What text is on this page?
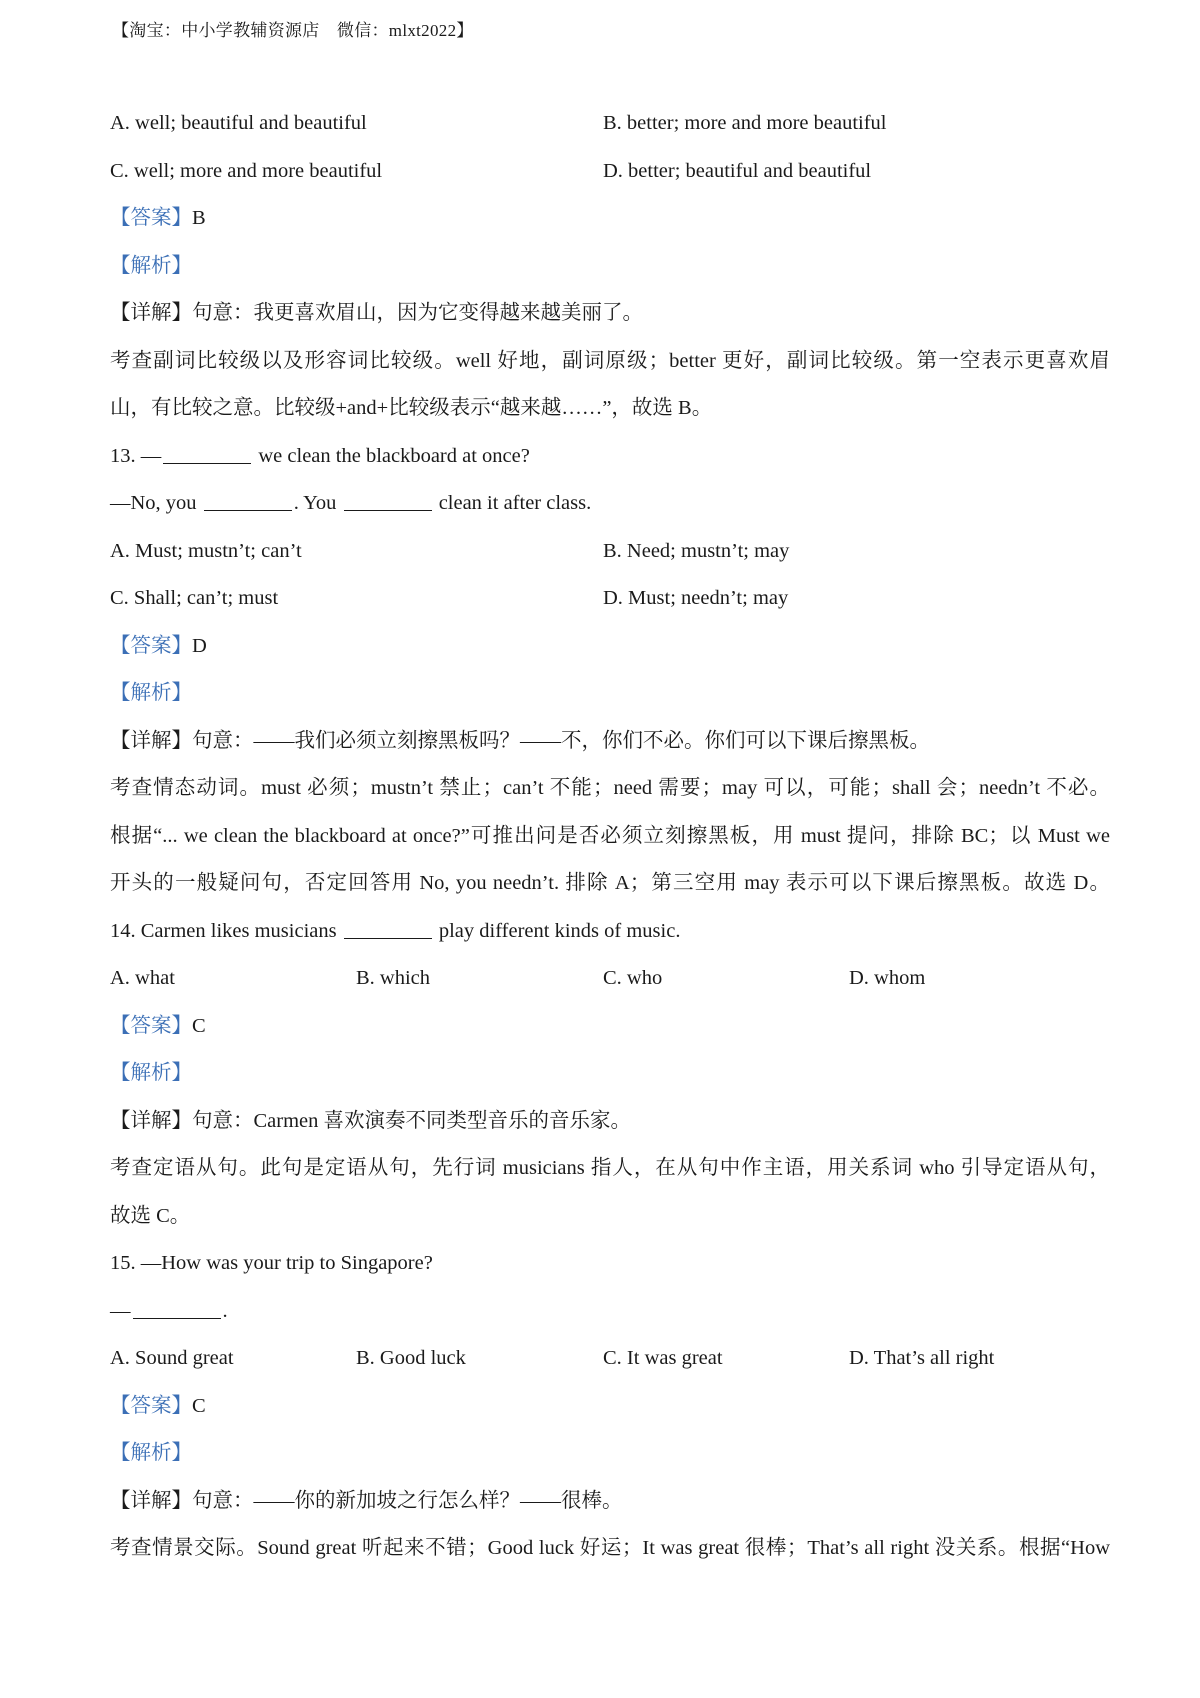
【淘宝：中小学教辅资源店　微信：mlxt2022】
A. well; beautiful and beautiful	B. better; more and more beautiful
C. well; more and more beautiful	D. better; beautiful and beautiful
【答案】B
【解析】
【详解】句意：我更喜欢眉山，因为它变得越来越美丽了。
考查副词比较级以及形容词比较级。well 好地，副词原级；better 更好，副词比较级。第一空表示更喜欢眉
山，有比较之意。比较级+and+比较级表示“越来越……”，故选 B。
13. —	we clean the blackboard at once?
—No, you	. You	clean it after class.
A. Must; mustn’t; can’t	B. Need; mustn’t; may
C. Shall; can’t; must	D. Must; needn’t; may
【答案】D
【解析】
【详解】句意：——我们必须立刻擦黑板吗？——不，你们不必。你们可以下课后擦黑板。
考查情态动词。must 必须；mustn’t 禁止；can’t 不能；need 需要；may 可以，可能；shall 会；needn’t 不必。
根据“... we clean the blackboard at once?”可推出问是否必须立刻擦黑板，用 must 提问，排除 BC；以 Must we
开头的一般疑问句，否定回答用 No, you needn’t. 排除 A；第三空用 may 表示可以下课后擦黑板。故选 D。
14. Carmen likes musicians	play different kinds of music.
A. what	B. which	C. who	D. whom
【答案】C
【解析】
【详解】句意：Carmen 喜欢演奏不同类型音乐的音乐家。
考查定语从句。此句是定语从句，先行词 musicians 指人，在从句中作主语，用关系词 who 引导定语从句，
故选 C。
15. —How was your trip to Singapore?
—	.
A. Sound great	B. Good luck	C. It was great	D. That’s all right
【答案】C
【解析】
【详解】句意：——你的新加坡之行怎么样？——很棒。
考查情景交际。Sound great 听起来不错；Good luck 好运；It was great 很棒；That’s all right 没关系。根据“How
